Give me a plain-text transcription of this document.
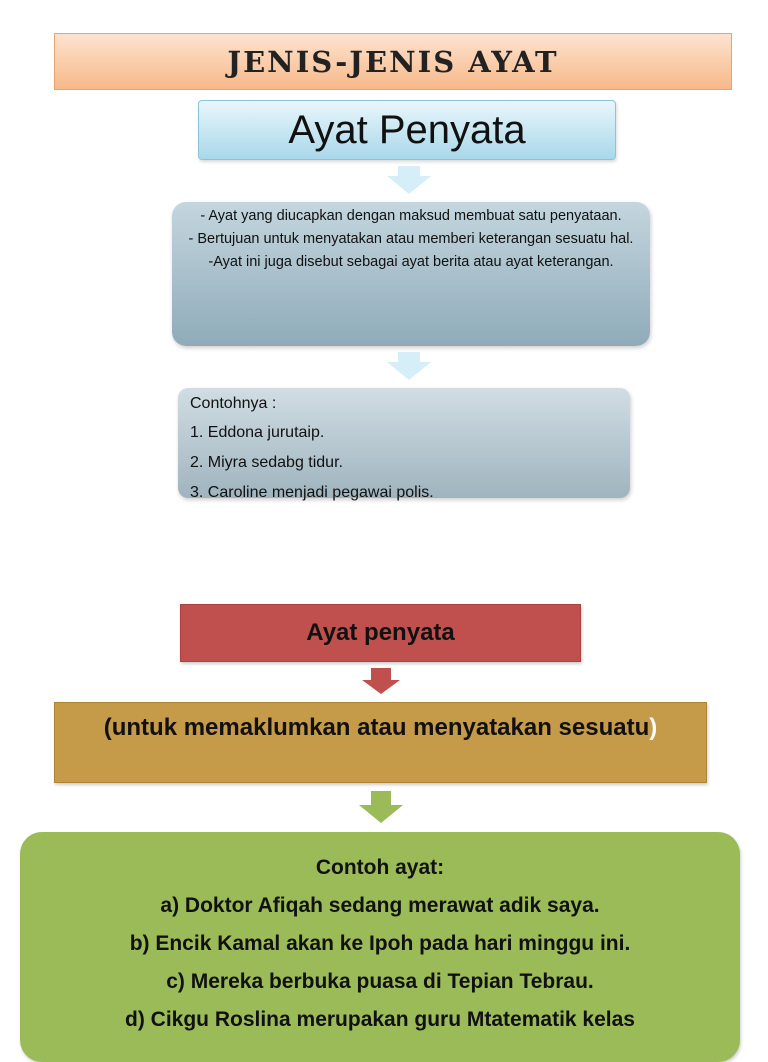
JENIS-JENIS AYAT
Ayat Penyata

- Ayat yang diucapkan dengan maksud membuat satu penyataan.

- Bertujuan untuk menyatakan atau memberi keterangan sesuatu hal.

-Ayat ini juga disebut sebagai ayat berita atau ayat keterangan.

Contohnya :
1. Eddona jurutaip.
2. Miyra sedabg tidur.
3. Caroline menjadi pegawai polis.
Ayat penyata
(untuk memaklumkan atau menyatakan sesuatu)
Contoh ayat:
a) Doktor Afiqah sedang merawat adik saya.
b) Encik Kamal akan ke Ipoh pada hari minggu ini.
c) Mereka berbuka puasa di Tepian Tebrau.
d) Cikgu Roslina merupakan guru Mtatematik kelas
